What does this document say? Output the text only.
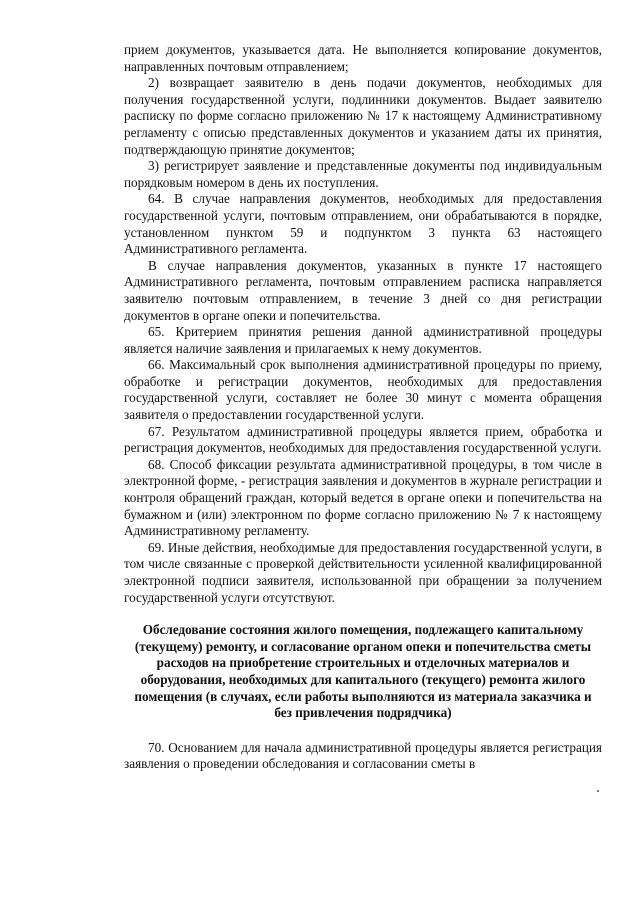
прием документов, указывается дата. Не выполняется копирование документов, направленных почтовым отправлением;

2) возвращает заявителю в день подачи документов, необходимых для получения государственной услуги, подлинники документов. Выдает заявителю расписку по форме согласно приложению № 17 к настоящему Административному регламенту с описью представленных документов и указанием даты их принятия, подтверждающую принятие документов;

3) регистрирует заявление и представленные документы под индивидуальным порядковым номером в день их поступления.

64. В случае направления документов, необходимых для предоставления государственной услуги, почтовым отправлением, они обрабатываются в порядке, установленном пунктом 59 и подпунктом 3 пункта 63 настоящего Административного регламента.

В случае направления документов, указанных в пункте 17 настоящего Административного регламента, почтовым отправлением расписка направляется заявителю почтовым отправлением, в течение 3 дней со дня регистрации документов в органе опеки и попечительства.

65. Критерием принятия решения данной административной процедуры является наличие заявления и прилагаемых к нему документов.

66. Максимальный срок выполнения административной процедуры по приему, обработке и регистрации документов, необходимых для предоставления государственной услуги, составляет не более 30 минут с момента обращения заявителя о предоставлении государственной услуги.

67. Результатом административной процедуры является прием, обработка и регистрация документов, необходимых для предоставления государственной услуги.

68. Способ фиксации результата административной процедуры, в том числе в электронной форме, - регистрация заявления и документов в журнале регистрации и контроля обращений граждан, который ведется в органе опеки и попечительства на бумажном и (или) электронном по форме согласно приложению № 7 к настоящему Административному регламенту.

69. Иные действия, необходимые для предоставления государственной услуги, в том числе связанные с проверкой действительности усиленной квалифицированной электронной подписи заявителя, использованной при обращении за получением государственной услуги отсутствуют.

Обследование состояния жилого помещения, подлежащего капитальному (текущему) ремонту, и согласование органом опеки и попечительства сметы расходов на приобретение строительных и отделочных материалов и оборудования, необходимых для капитального (текущего) ремонта жилого помещения (в случаях, если работы выполняются из материала заказчика и без привлечения подрядчика)

70. Основанием для начала административной процедуры является регистрация заявления о проведении обследования и согласовании сметы в
